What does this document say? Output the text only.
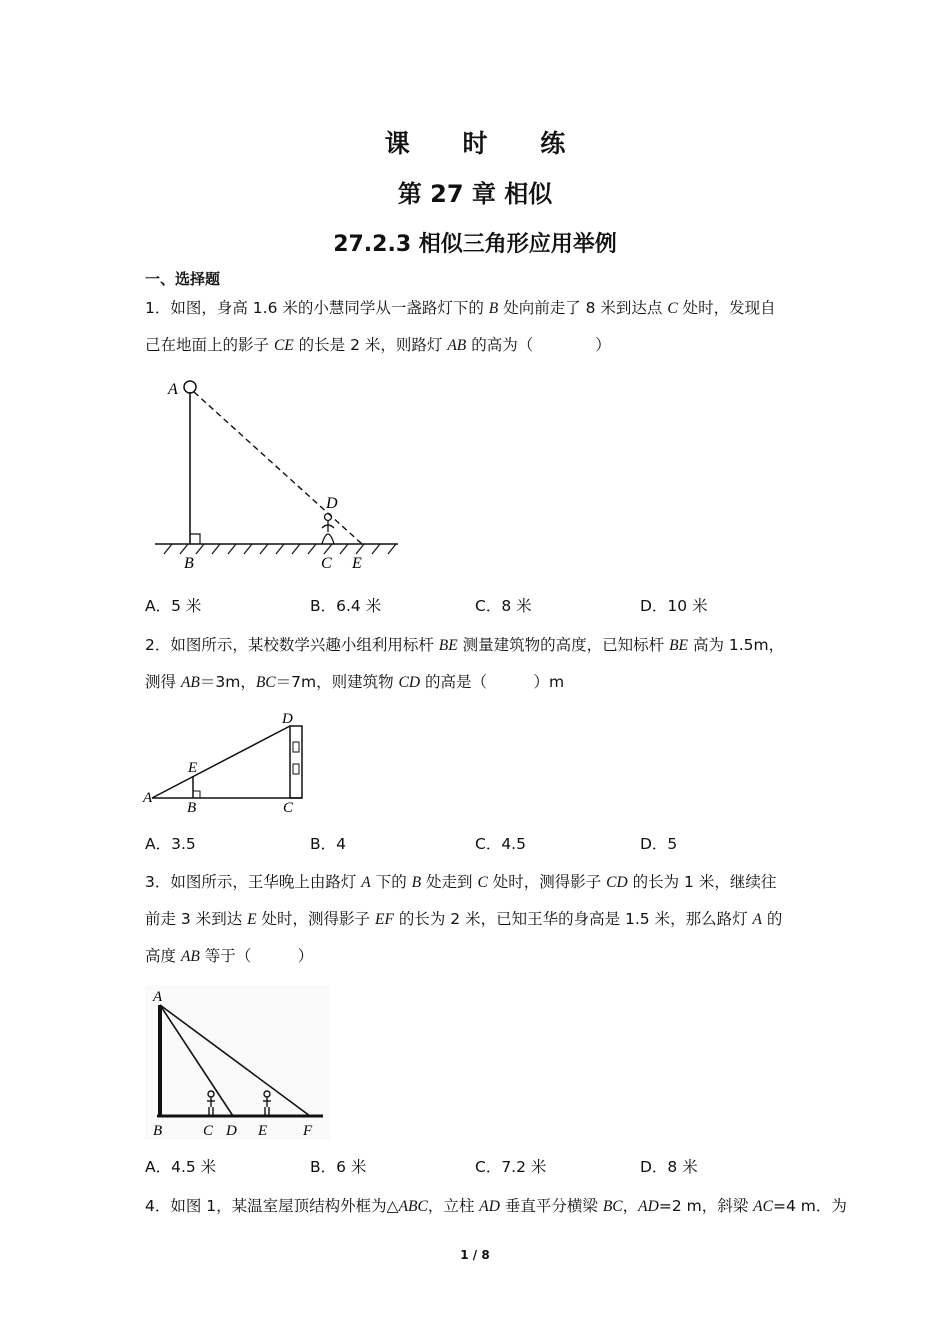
课 时 练
第 27 章 相似
27.2.3 相似三角形应用举例
一、选择题
1．如图，身高 1.6 米的小慧同学从一盏路灯下的 B 处向前走了 8 米到达点 C 处时，发现自
己在地面上的影子 CE 的长是 2 米，则路灯 AB 的高为（　　　　）
A
B	C
D
E
A．5 米	B．6.4 米	C．8 米	D．10 米
2．如图所示，某校数学兴趣小组利用标杆 BE 测量建筑物的高度，已知标杆 BE 高为 1.5m，
测得 AB＝3m，BC＝7m，则建筑物 CD 的高是（　　　）m
A
B	C
D
E
A．3.5	B．4	C．4.5	D．5
3．如图所示，王华晚上由路灯 A 下的 B 处走到 C 处时，测得影子 CD 的长为 1 米，继续往
前走 3 米到达 E 处时，测得影子 EF 的长为 2 米，已知王华的身高是 1.5 米，那么路灯 A 的
高度 AB 等于（　　　）
A
B	C D E F
A．4.5 米	B．6 米	C．7.2 米	D．8 米
4．如图 1，某温室屋顶结构外框为△ABC，立柱 AD 垂直平分横梁 BC，AD=2 m，斜梁 AC=4 m．为
1 / 8
